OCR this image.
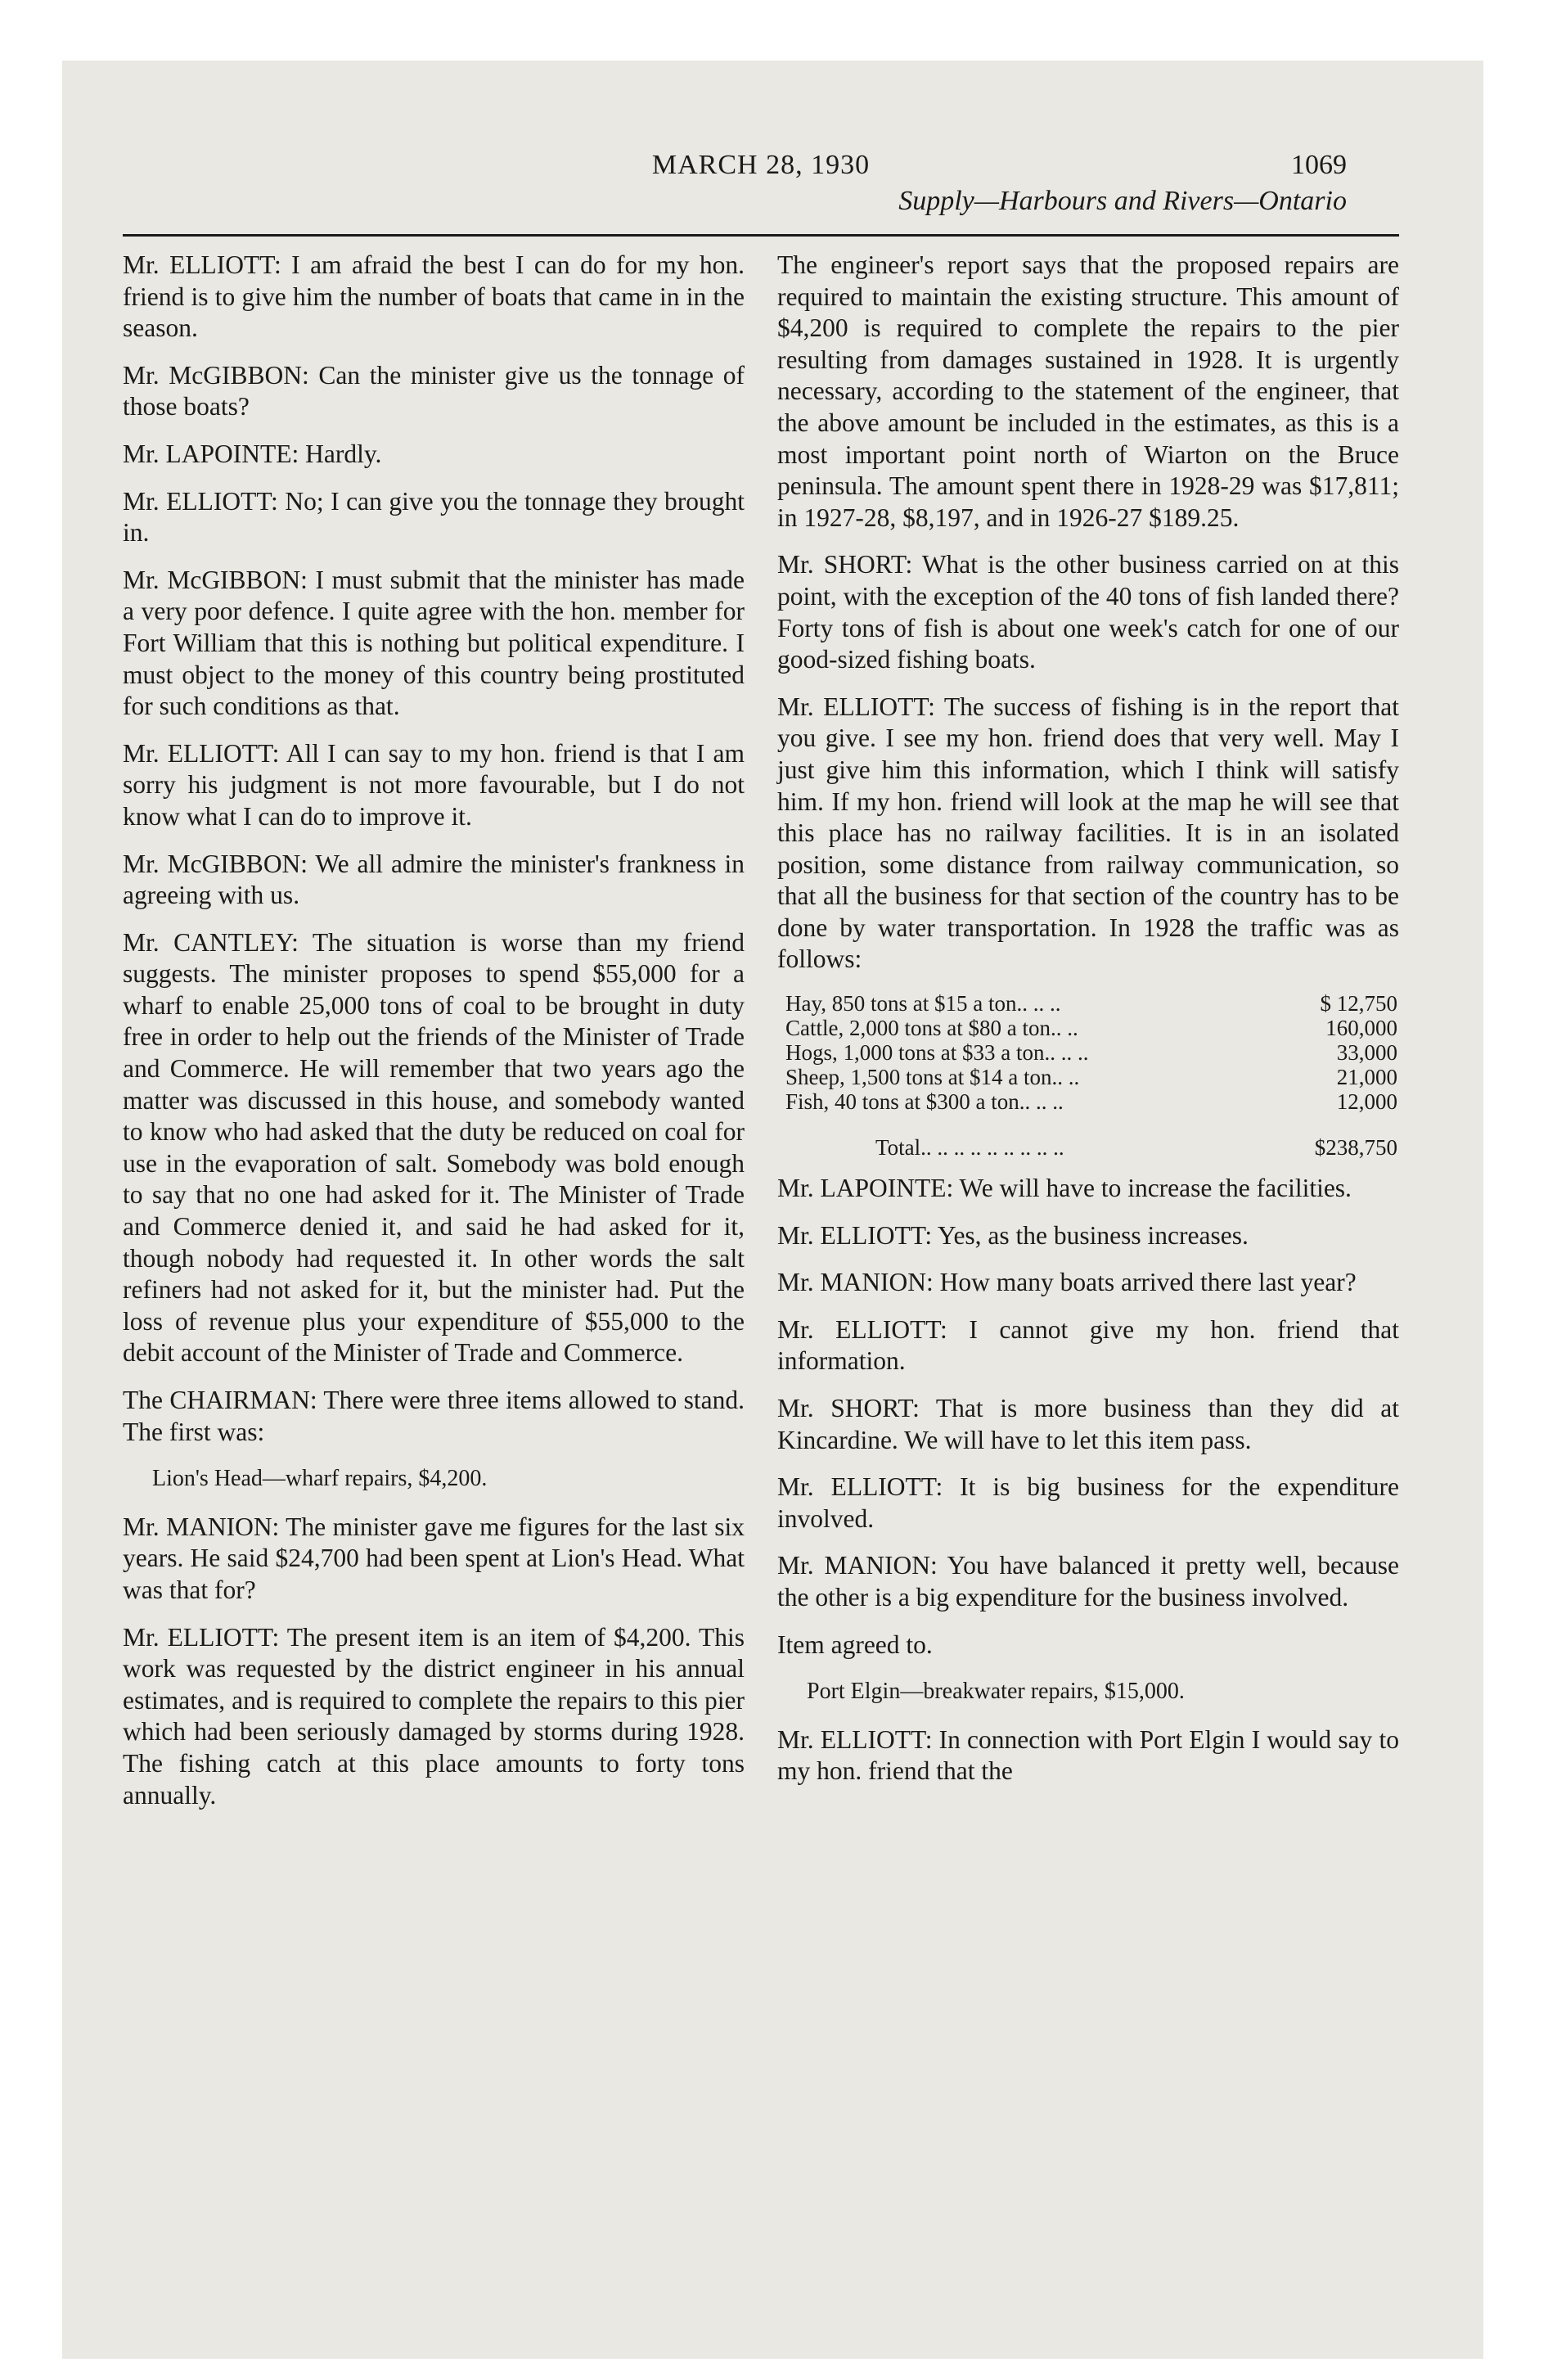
MARCH 28, 1930	1069
Supply—Harbours and Rivers—Ontario

Mr. ELLIOTT: I am afraid the best I can do for my hon. friend is to give him the number of boats that came in in the season.

Mr. McGIBBON: Can the minister give us the tonnage of those boats?

Mr. LAPOINTE: Hardly.

Mr. ELLIOTT: No; I can give you the tonnage they brought in.

Mr. McGIBBON: I must submit that the minister has made a very poor defence. I quite agree with the hon. member for Fort William that this is nothing but political expenditure. I must object to the money of this country being prostituted for such conditions as that.

Mr. ELLIOTT: All I can say to my hon. friend is that I am sorry his judgment is not more favourable, but I do not know what I can do to improve it.

Mr. McGIBBON: We all admire the minister's frankness in agreeing with us.

Mr. CANTLEY: The situation is worse than my friend suggests. The minister proposes to spend $55,000 for a wharf to enable 25,000 tons of coal to be brought in duty free in order to help out the friends of the Minister of Trade and Commerce. He will remember that two years ago the matter was discussed in this house, and somebody wanted to know who had asked that the duty be reduced on coal for use in the evaporation of salt. Somebody was bold enough to say that no one had asked for it. The Minister of Trade and Commerce denied it, and said he had asked for it, though nobody had requested it. In other words the salt refiners had not asked for it, but the minister had. Put the loss of revenue plus your expenditure of $55,000 to the debit account of the Minister of Trade and Commerce.

The CHAIRMAN: There were three items allowed to stand. The first was:

Lion's Head—wharf repairs, $4,200.

Mr. MANION: The minister gave me figures for the last six years. He said $24,700 had been spent at Lion's Head. What was that for?

Mr. ELLIOTT: The present item is an item of $4,200. This work was requested by the district engineer in his annual estimates, and is required to complete the repairs to this pier which had been seriously damaged by storms during 1928. The fishing catch at this place amounts to forty tons annually.

The engineer's report says that the proposed repairs are required to maintain the existing structure. This amount of $4,200 is required to complete the repairs to the pier resulting from damages sustained in 1928. It is urgently necessary, according to the statement of the engineer, that the above amount be included in the estimates, as this is a most important point north of Wiarton on the Bruce peninsula. The amount spent there in 1928-29 was $17,811; in 1927-28, $8,197, and in 1926-27 $189.25.

Mr. SHORT: What is the other business carried on at this point, with the exception of the 40 tons of fish landed there? Forty tons of fish is about one week's catch for one of our good-sized fishing boats.

Mr. ELLIOTT: The success of fishing is in the report that you give. I see my hon. friend does that very well. May I just give him this information, which I think will satisfy him. If my hon. friend will look at the map he will see that this place has no railway facilities. It is in an isolated position, some distance from railway communication, so that all the business for that section of the country has to be done by water transportation. In 1928 the traffic was as follows:

Hay, 850 tons at $15 a ton.. .. ..	$ 12,750
Cattle, 2,000 tons at $80 a ton.. ..	160,000
Hogs, 1,000 tons at $33 a ton.. .. ..	33,000
Sheep, 1,500 tons at $14 a ton.. ..	21,000
Fish, 40 tons at $300 a ton.. .. ..	12,000
Total.. .. .. .. .. .. .. .. ..	$238,750

Mr. LAPOINTE: We will have to increase the facilities.

Mr. ELLIOTT: Yes, as the business increases.

Mr. MANION: How many boats arrived there last year?

Mr. ELLIOTT: I cannot give my hon. friend that information.

Mr. SHORT: That is more business than they did at Kincardine. We will have to let this item pass.

Mr. ELLIOTT: It is big business for the expenditure involved.

Mr. MANION: You have balanced it pretty well, because the other is a big expenditure for the business involved.

Item agreed to.

Port Elgin—breakwater repairs, $15,000.

Mr. ELLIOTT: In connection with Port Elgin I would say to my hon. friend that the
